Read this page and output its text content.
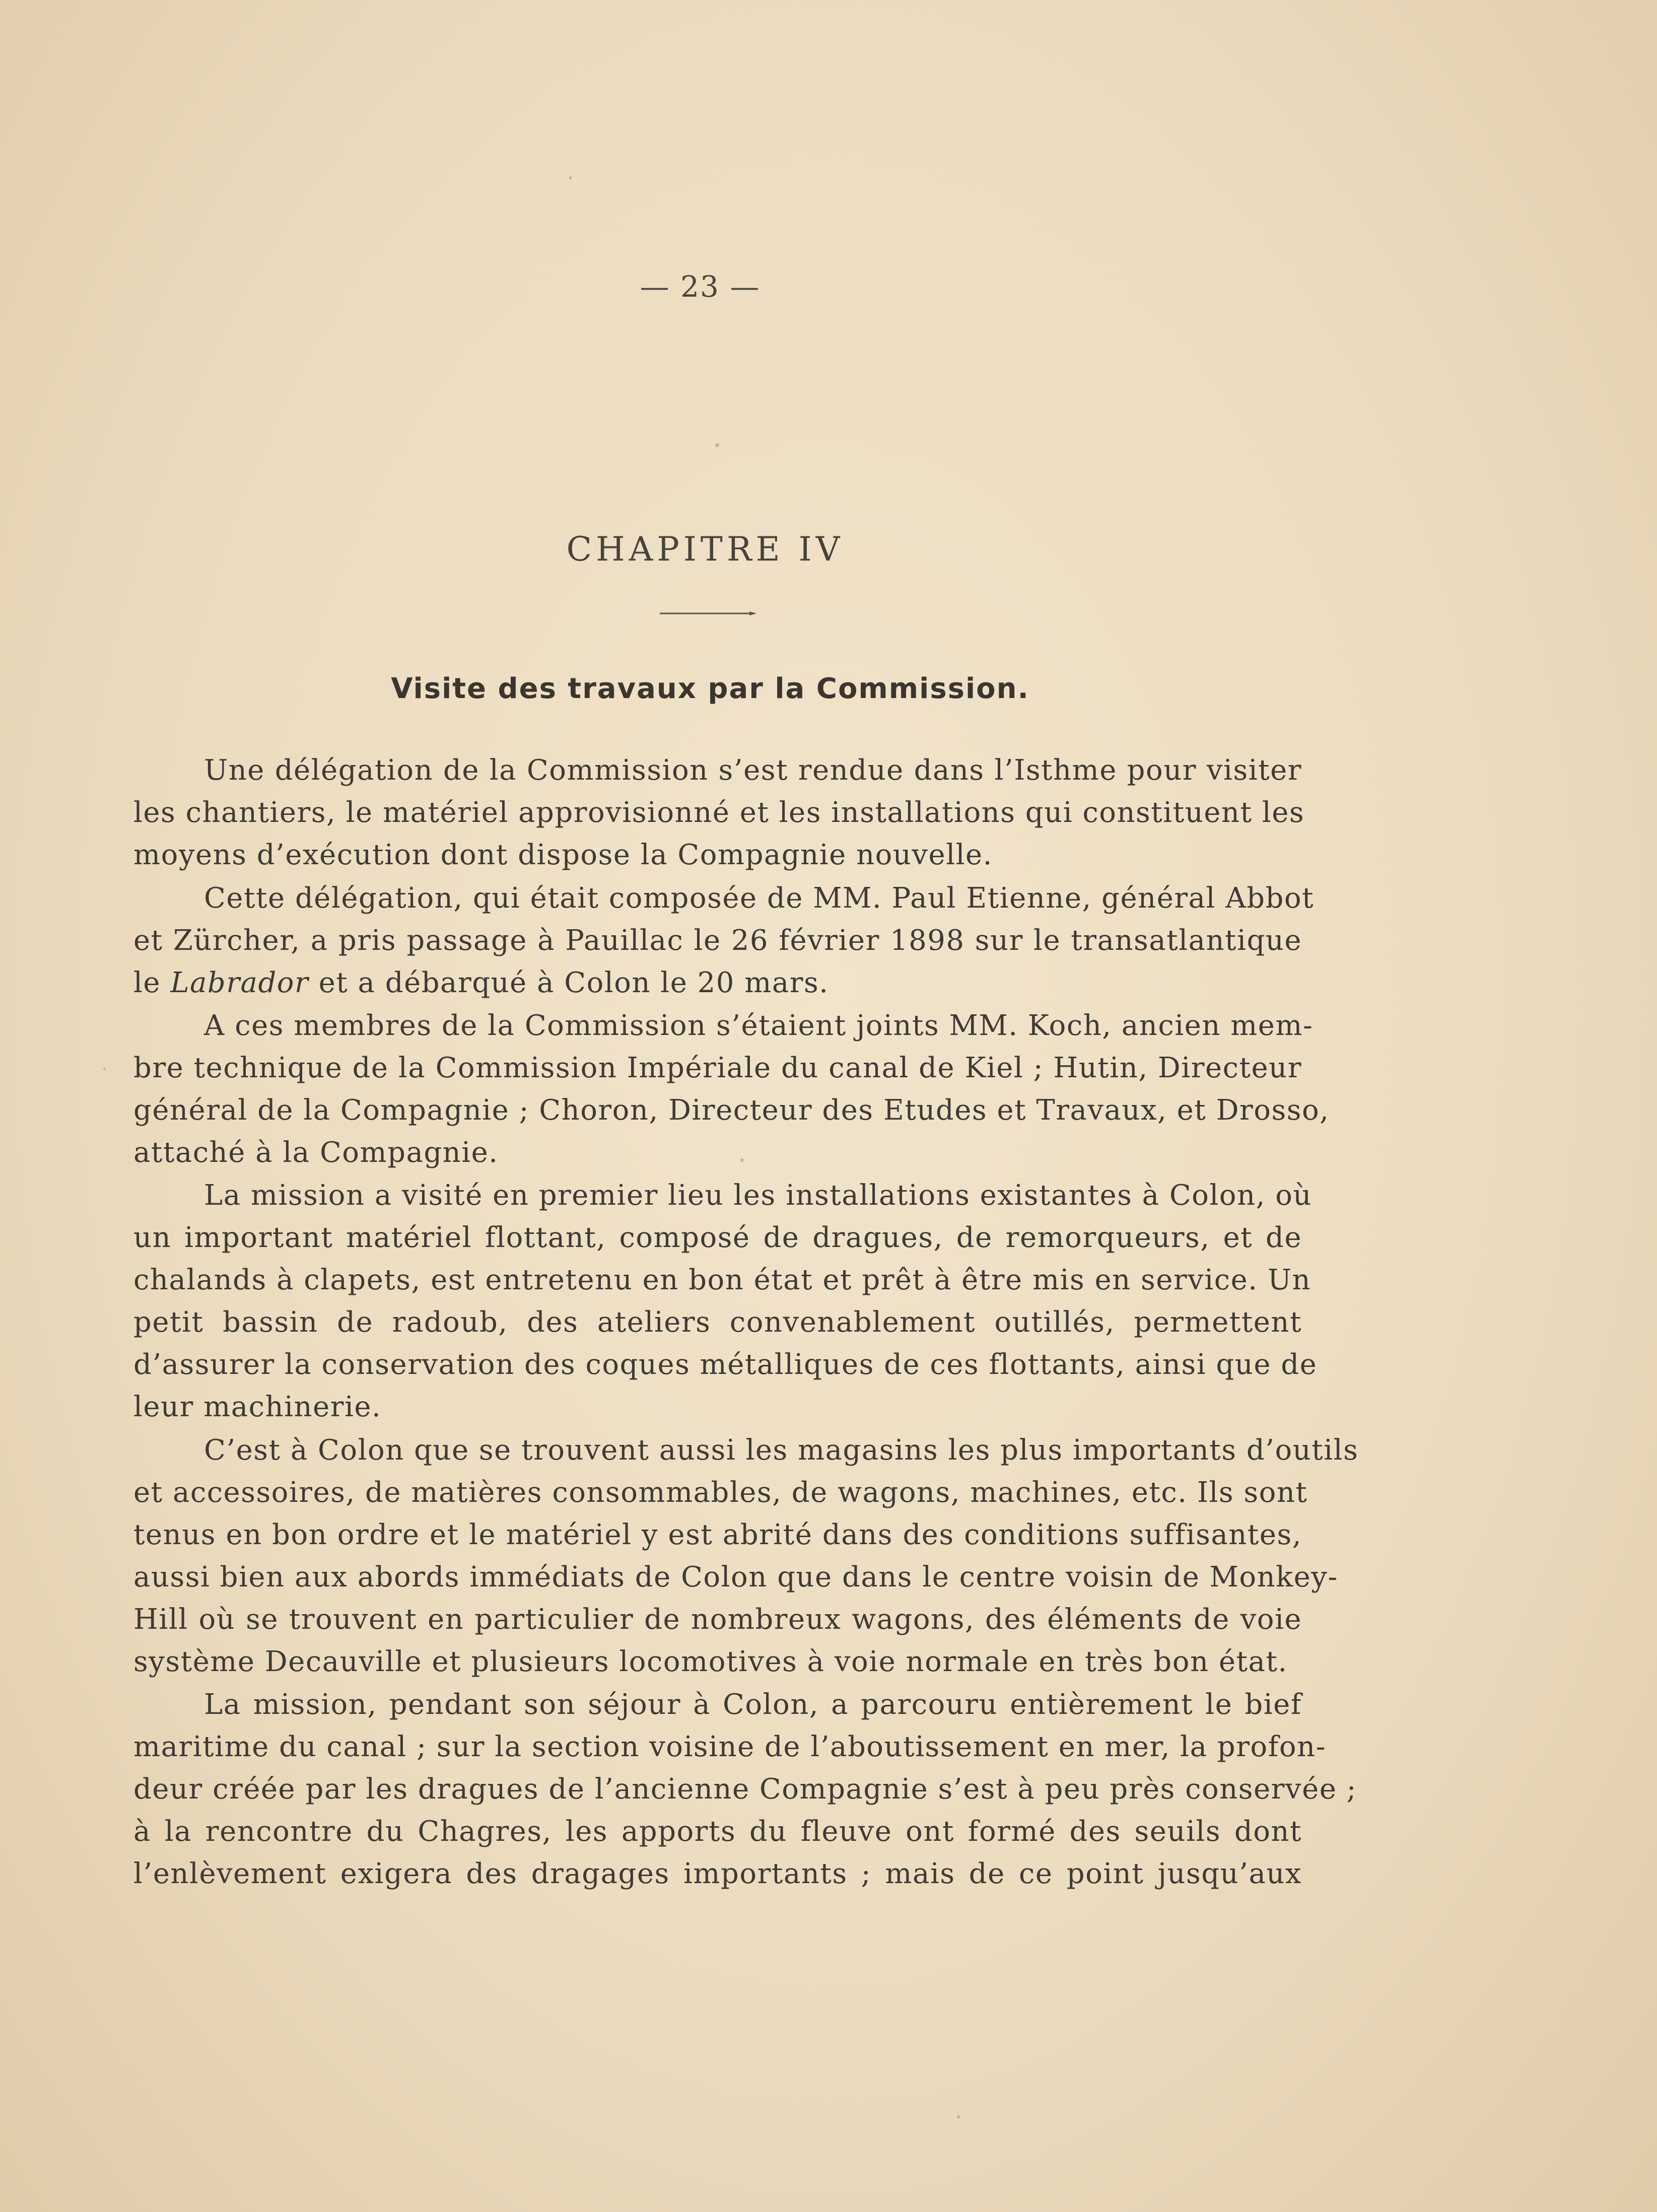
— 23 —
CHAPITRE IV
Visite des travaux par la Commission.
Une délégation de la Commission s’est rendue dans l’Isthme pour visiter
les chantiers, le matériel approvisionné et les installations qui constituent les
moyens d’exécution dont dispose la Compagnie nouvelle.
Cette délégation, qui était composée de MM. Paul Etienne, général Abbot
et Zürcher, a pris passage à Pauillac le 26 février 1898 sur le transatlantique
le Labrador et a débarqué à Colon le 20 mars.
A ces membres de la Commission s’étaient joints MM. Koch, ancien mem-
bre technique de la Commission Impériale du canal de Kiel ; Hutin, Directeur
général de la Compagnie ; Choron, Directeur des Etudes et Travaux, et Drosso,
attaché à la Compagnie.
La mission a visité en premier lieu les installations existantes à Colon, où
un important matériel flottant, composé de dragues, de remorqueurs, et de
chalands à clapets, est entretenu en bon état et prêt à être mis en service. Un
petit bassin de radoub, des ateliers convenablement outillés, permettent
d’assurer la conservation des coques métalliques de ces flottants, ainsi que de
leur machinerie.
C’est à Colon que se trouvent aussi les magasins les plus importants d’outils
et accessoires, de matières consommables, de wagons, machines, etc. Ils sont
tenus en bon ordre et le matériel y est abrité dans des conditions suffisantes,
aussi bien aux abords immédiats de Colon que dans le centre voisin de Monkey-
Hill où se trouvent en particulier de nombreux wagons, des éléments de voie
système Decauville et plusieurs locomotives à voie normale en très bon état.
La mission, pendant son séjour à Colon, a parcouru entièrement le bief
maritime du canal ; sur la section voisine de l’aboutissement en mer, la profon-
deur créée par les dragues de l’ancienne Compagnie s’est à peu près conservée ;
à la rencontre du Chagres, les apports du fleuve ont formé des seuils dont
l’enlèvement exigera des dragages importants ; mais de ce point jusqu’aux
